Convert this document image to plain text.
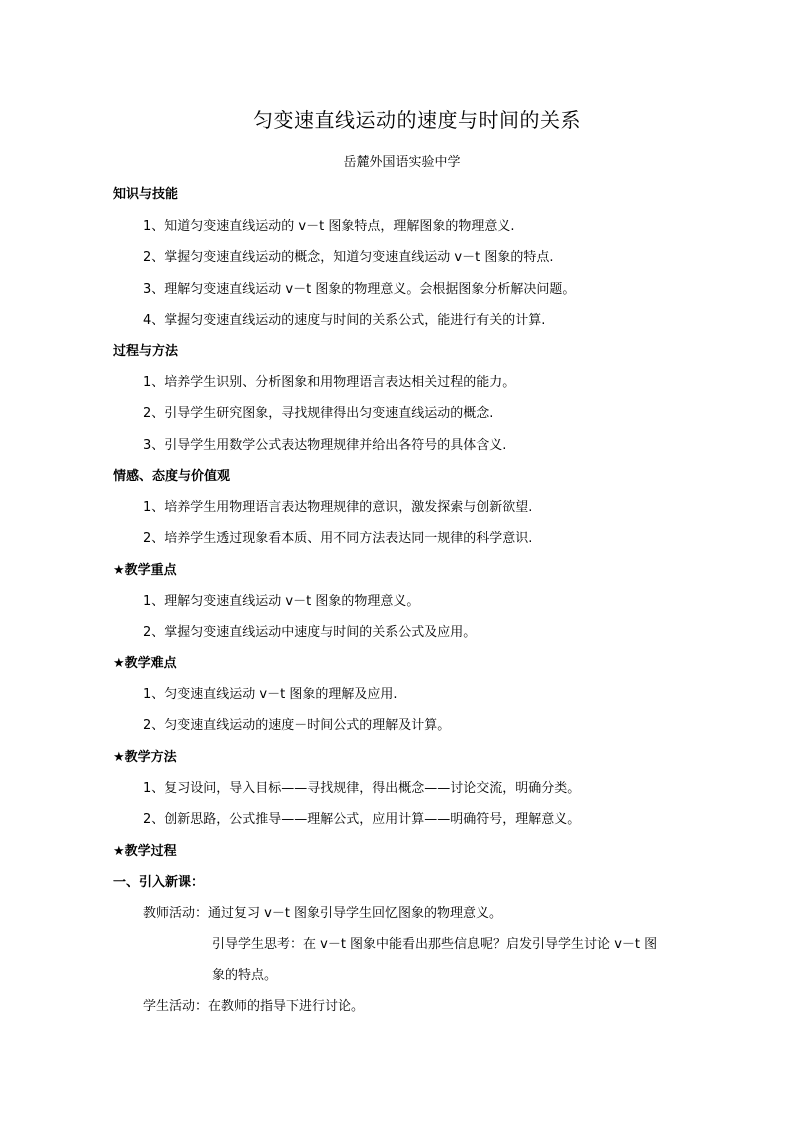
匀变速直线运动的速度与时间的关系
岳麓外国语实验中学
知识与技能
1、知道匀变速直线运动的 v－t 图象特点，理解图象的物理意义.
2、掌握匀变速直线运动的概念，知道匀变速直线运动 v－t 图象的特点.
3、理解匀变速直线运动 v－t 图象的物理意义。会根据图象分析解决问题。
4、掌握匀变速直线运动的速度与时间的关系公式，能进行有关的计算.
过程与方法
1、培养学生识别、分析图象和用物理语言表达相关过程的能力。
2、引导学生研究图象，寻找规律得出匀变速直线运动的概念.
3、引导学生用数学公式表达物理规律并给出各符号的具体含义.
情感、态度与价值观
1、培养学生用物理语言表达物理规律的意识，激发探索与创新欲望.
2、培养学生透过现象看本质、用不同方法表达同一规律的科学意识.
★教学重点
1、理解匀变速直线运动 v－t 图象的物理意义。
2、掌握匀变速直线运动中速度与时间的关系公式及应用。
★教学难点
1、匀变速直线运动 v－t 图象的理解及应用.
2、匀变速直线运动的速度－时间公式的理解及计算。
★教学方法
1、复习设问，导入目标——寻找规律，得出概念——讨论交流，明确分类。
2、创新思路，公式推导——理解公式，应用计算——明确符号，理解意义。
★教学过程
一、引入新课：
教师活动：通过复习 v－t 图象引导学生回忆图象的物理意义。
引导学生思考：在 v－t 图象中能看出那些信息呢？启发引导学生讨论 v－t 图
象的特点。
学生活动：在教师的指导下进行讨论。
